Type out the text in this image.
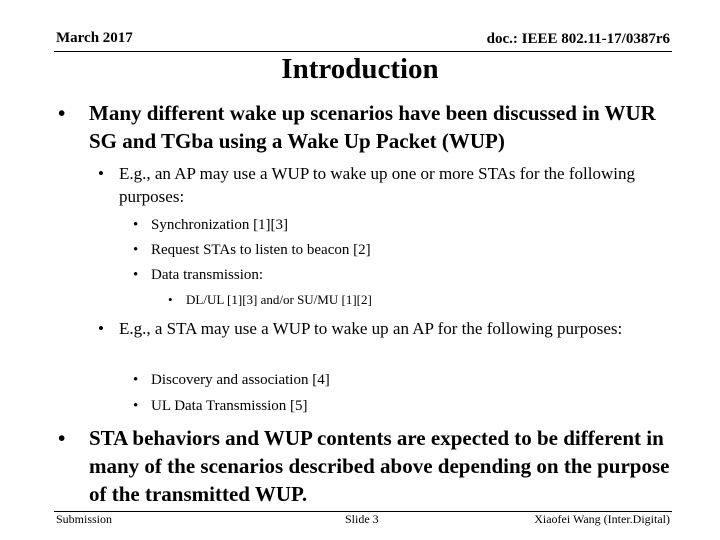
March 2017	doc.: IEEE 802.11-17/0387r6
Introduction
• Many different wake up scenarios have been discussed in WUR SG and TGba using a Wake Up Packet (WUP)
• E.g., an AP may use a WUP to wake up one or more STAs for the following purposes:
• Synchronization [1][3]
• Request STAs to listen to beacon [2]
• Data transmission:
• DL/UL [1][3] and/or SU/MU [1][2]
• E.g., a STA may use a WUP to wake up an AP for the following purposes:
• Discovery and association [4]
• UL Data Transmission [5]
• STA behaviors and WUP contents are expected to be different in many of the scenarios described above depending on the purpose of the transmitted WUP.
Submission	Slide 3	Xiaofei Wang (Inter.Digital)
